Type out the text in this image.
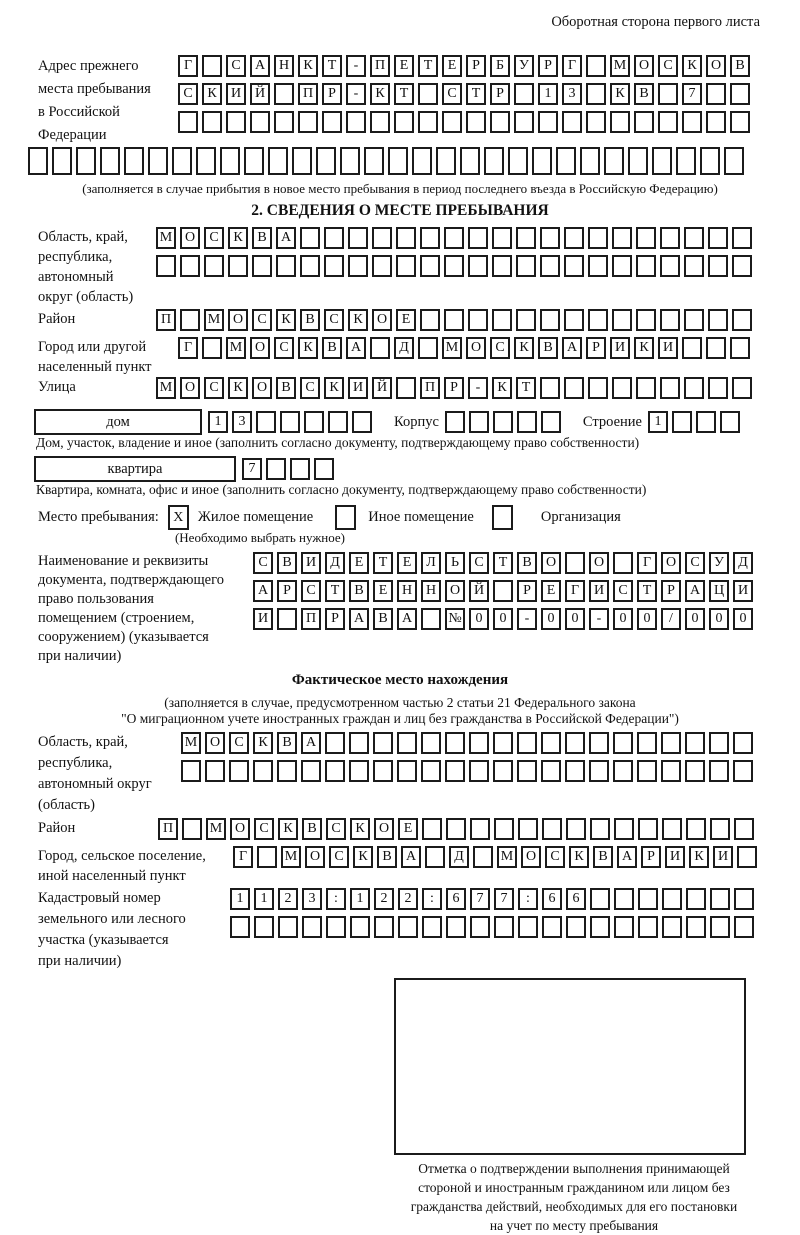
Оборотная сторона первого листа
Адрес прежнего
места пребывания
в Российской
Федерации
Г	С	А Н	К	Т	-	П	Е	Т	Е	Р	Б	У	Р	Г	М О	С	К	О	В
С	К	И Й	П	Р	-	К	Т	С	Т	Р	1	3	К	В	7
(заполняется в случае прибытия в новое место пребывания в период последнего въезда в Российскую Федерацию)
2. СВЕДЕНИЯ О МЕСТЕ ПРЕБЫВАНИЯ
Область, край,
республика,
автономный
округ (область)
М О	С	К	В	А
Район	П	М О	С	К	В	С	К	О	Е
Город или другой
населенный пункт
Г	М О	С	К	В	А	Д	М О	С	К	В	А	Р	И	К	И
Улица	М О	С	К	О	В	С	К	И Й	П	Р	-	К	Т
дом	1	3	Корпус	Строение 1
Дом, участок, владение и иное (заполнить согласно документу, подтверждающему право собственности)
квартира	7
Квартира, комната, офис и иное (заполнить согласно документу, подтверждающему право собственности)
Место пребывания:	X Жилое помещение	Иное помещение	Организация
(Необходимо выбрать нужное)
Наименование и реквизиты
документа, подтверждающего
право пользования
помещением (строением,
сооружением) (указывается
при наличии)
С	В	И	Д	Е	Т	Е	Л	Ь	С	Т	В	О	О	Г	О	С	У	Д
А	Р	С	Т	В	Е	Н Н О Й	Р	Е	Г	И	С	Т	Р	А Ц И
И	П	Р	А	В	А	№ 0	0	-	0	0	-	0	0	/	0	0	0
Фактическое место нахождения
(заполняется в случае, предусмотренном частью 2 статьи 21 Федерального закона
"О миграционном учете иностранных граждан и лиц без гражданства в Российской Федерации")
Область, край,
республика,
автономный округ
(область)
М О	С	К	В	А
Район	П	М О	С	К	В	С	К	О	Е
Город, сельское поселение,
иной населенный пункт
Г	М О	С	К	В	А	Д	М О	С	К	В	А	Р	И	К	И
Кадастровый номер
земельного или лесного
участка (указывается
при наличии)
1	1	2	3	:	1	2	2	:	6	7	7	:	6	6
Отметка о подтверждении выполнения принимающей
стороной и иностранным гражданином или лицом без
гражданства действий, необходимых для его постановки
на учет по месту пребывания
